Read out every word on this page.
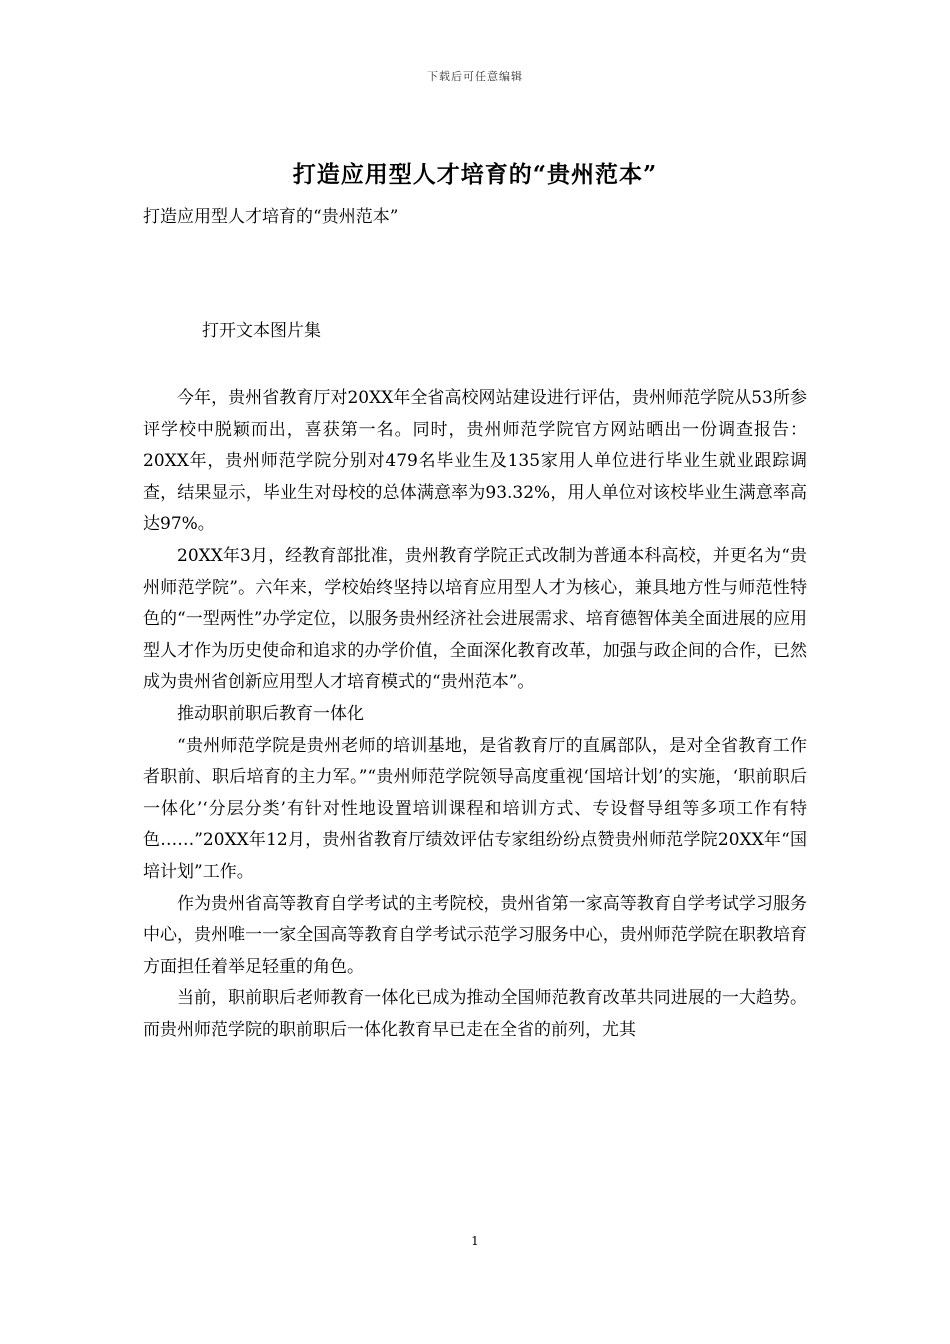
下载后可任意编辑
打造应用型人才培育的“贵州范本”
打造应用型人才培育的“贵州范本”
打开文本图片集

今年，贵州省教育厅对20XX年全省高校网站建设进行评估，贵州师范学院从53所参评学校中脱颖而出，喜获第一名。同时，贵州师范学院官方网站晒出一份调查报告：20XX年，贵州师范学院分别对479名毕业生及135家用人单位进行毕业生就业跟踪调查，结果显示，毕业生对母校的总体满意率为93.32%，用人单位对该校毕业生满意率高达97%。

20XX年3月，经教育部批准，贵州教育学院正式改制为普通本科高校，并更名为“贵州师范学院”。六年来，学校始终坚持以培育应用型人才为核心，兼具地方性与师范性特色的“一型两性”办学定位，以服务贵州经济社会进展需求、培育德智体美全面进展的应用型人才作为历史使命和追求的办学价值，全面深化教育改革，加强与政企间的合作，已然成为贵州省创新应用型人才培育模式的“贵州范本”。

推动职前职后教育一体化

“贵州师范学院是贵州老师的培训基地，是省教育厅的直属部队，是对全省教育工作者职前、职后培育的主力军。”“贵州师范学院领导高度重视‘国培计划’的实施，‘职前职后一体化’‘分层分类’有针对性地设置培训课程和培训方式、专设督导组等多项工作有特色……”20XX年12月，贵州省教育厅绩效评估专家组纷纷点赞贵州师范学院20XX年“国培计划”工作。

作为贵州省高等教育自学考试的主考院校，贵州省第一家高等教育自学考试学习服务中心，贵州唯一一家全国高等教育自学考试示范学习服务中心，贵州师范学院在职教培育方面担任着举足轻重的角色。

当前，职前职后老师教育一体化已成为推动全国师范教育改革共同进展的一大趋势。而贵州师范学院的职前职后一体化教育早已走在全省的前列，尤其

1
